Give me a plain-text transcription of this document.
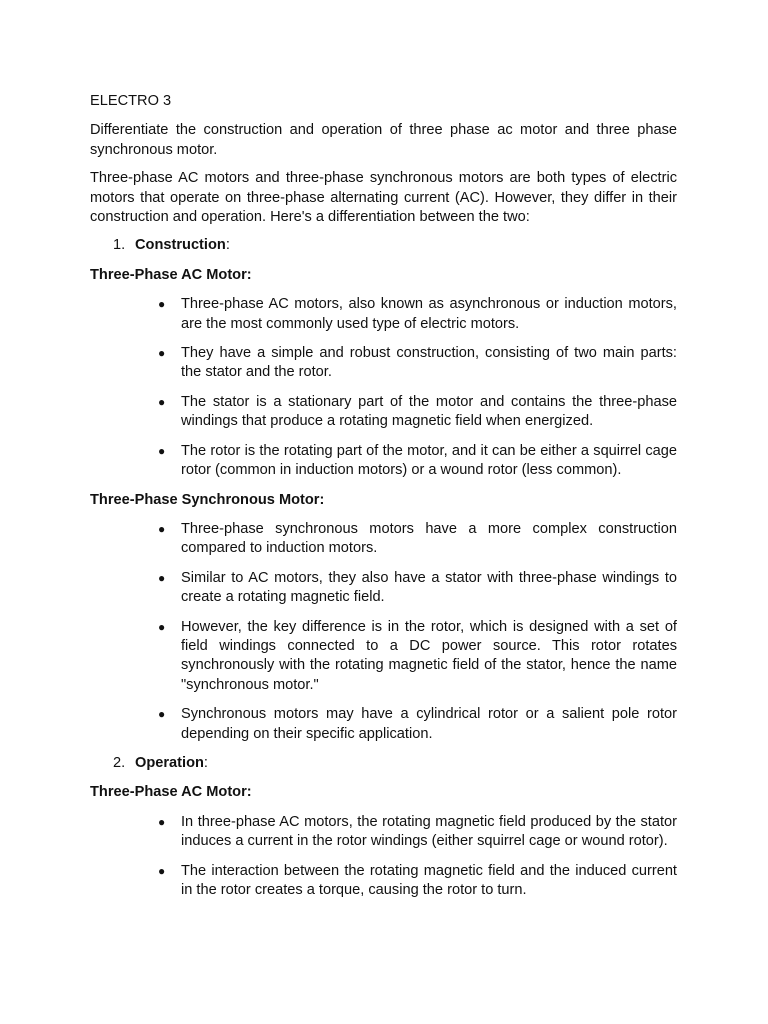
ELECTRO 3

Differentiate the construction and operation of three phase ac motor and three phase synchronous motor.

Three-phase AC motors and three-phase synchronous motors are both types of electric motors that operate on three-phase alternating current (AC). However, they differ in their construction and operation. Here's a differentiation between the two:

1. Construction:

Three-Phase AC Motor:

● Three-phase AC motors, also known as asynchronous or induction motors, are the most commonly used type of electric motors.
● They have a simple and robust construction, consisting of two main parts: the stator and the rotor.
● The stator is a stationary part of the motor and contains the three-phase windings that produce a rotating magnetic field when energized.
● The rotor is the rotating part of the motor, and it can be either a squirrel cage rotor (common in induction motors) or a wound rotor (less common).

Three-Phase Synchronous Motor:

● Three-phase synchronous motors have a more complex construction compared to induction motors.
● Similar to AC motors, they also have a stator with three-phase windings to create a rotating magnetic field.
● However, the key difference is in the rotor, which is designed with a set of field windings connected to a DC power source. This rotor rotates synchronously with the rotating magnetic field of the stator, hence the name "synchronous motor."
● Synchronous motors may have a cylindrical rotor or a salient pole rotor depending on their specific application.
2. Operation:

Three-Phase AC Motor:

● In three-phase AC motors, the rotating magnetic field produced by the stator induces a current in the rotor windings (either squirrel cage or wound rotor).
● The interaction between the rotating magnetic field and the induced current in the rotor creates a torque, causing the rotor to turn.
